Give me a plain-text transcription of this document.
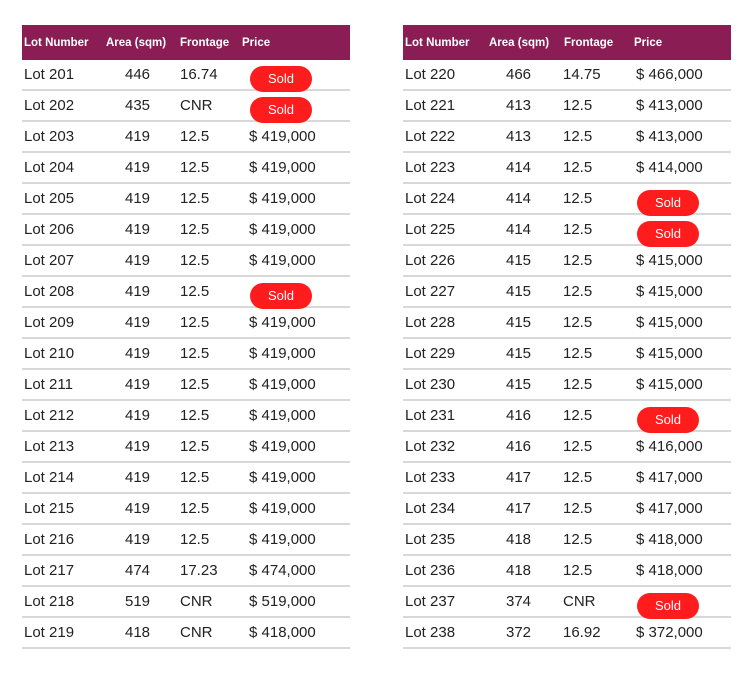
Lot Number Area (sqm) Frontage Price
Lot 201	446 16.74	Sold
Lot 202	435 CNR	Sold
Lot 203	419 12.5	$ 419,000
Lot 204	419 12.5	$ 419,000
Lot 205	419 12.5	$ 419,000
Lot 206	419 12.5	$ 419,000
Lot 207	419 12.5	$ 419,000
Lot 208	419 12.5	Sold
Lot 209	419 12.5	$ 419,000
Lot 210	419 12.5	$ 419,000
Lot 211	419 12.5	$ 419,000
Lot 212	419 12.5	$ 419,000
Lot 213	419 12.5	$ 419,000
Lot 214	419 12.5	$ 419,000
Lot 215	419 12.5	$ 419,000
Lot 216	419 12.5	$ 419,000
Lot 217	474 17.23 $ 474,000
Lot 218	519 CNR $ 519,000
Lot 219	418 CNR $ 418,000
Lot Number Area (sqm) Frontage Price
Lot 220	466 14.75 $ 466,000
Lot 221	413 12.5	$ 413,000
Lot 222	413 12.5	$ 413,000
Lot 223	414 12.5	$ 414,000
Lot 224	414 12.5	Sold
Lot 225	414 12.5	Sold
Lot 226	415 12.5	$ 415,000
Lot 227	415 12.5	$ 415,000
Lot 228	415 12.5	$ 415,000
Lot 229	415 12.5	$ 415,000
Lot 230	415 12.5	$ 415,000
Lot 231	416 12.5	Sold
Lot 232	416 12.5	$ 416,000
Lot 233	417 12.5	$ 417,000
Lot 234	417 12.5	$ 417,000
Lot 235	418 12.5	$ 418,000
Lot 236	418 12.5	$ 418,000
Lot 237	374 CNR	Sold
Lot 238	372 16.92 $ 372,000
